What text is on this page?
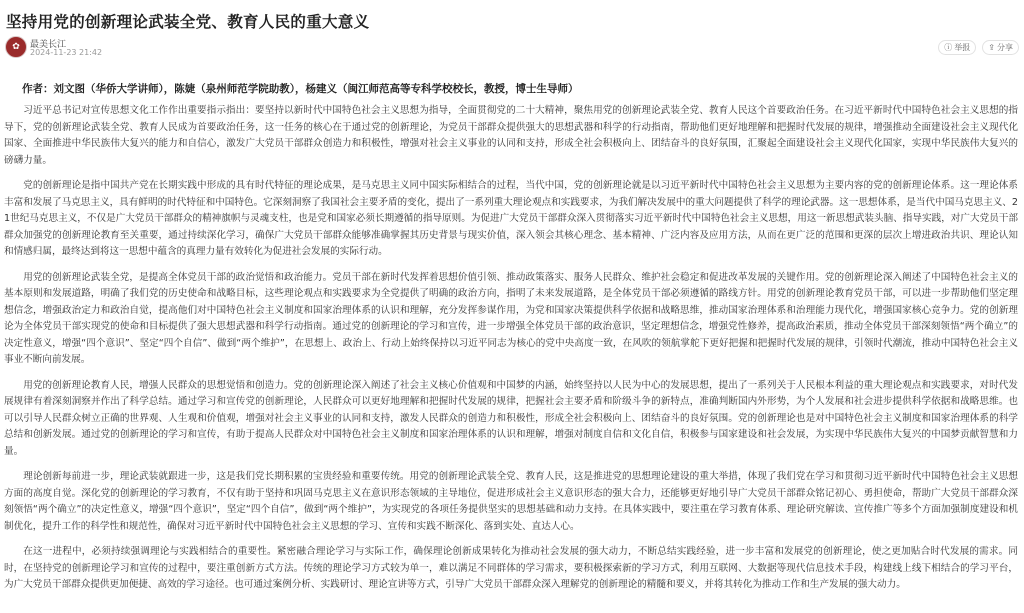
坚持用党的创新理论武装全党、教育人民的重大意义
✿ 最美长江
2024-11-23 21:42
ⓘ 举报 ⇪ 分享

作者：刘文图（华侨大学讲师），陈婕（泉州师范学院助教），杨建义（闽江师范高等专科学校校长，教授，博士生导师）

习近平总书记对宣传思想文化工作作出重要指示指出：要坚持以新时代中国特色社会主义思想为指导，全面贯彻党的二十大精神，聚焦用党的创新理论武装全党、教育人民这个首要政治任务。在习近平新时代中国特色社会主义思想的指导下，党的创新理论武装全党、教育人民成为首要政治任务，这一任务的核心在于通过党的创新理论，为党员干部群众提供强大的思想武器和科学的行动指南，帮助他们更好地理解和把握时代发展的规律，增强推动全面建设社会主义现代化国家、全面推进中华民族伟大复兴的能力和自信心，激发广大党员干部群众创造力和积极性，增强对社会主义事业的认同和支持，形成全社会积极向上、团结奋斗的良好氛围，汇聚起全面建设社会主义现代化国家，实现中华民族伟大复兴的磅礴力量。

党的创新理论是指中国共产党在长期实践中形成的具有时代特征的理论成果，是马克思主义同中国实际相结合的过程，当代中国，党的创新理论就是以习近平新时代中国特色社会主义思想为主要内容的党的创新理论体系。这一理论体系丰富和发展了马克思主义，具有鲜明的时代特征和中国特色。它深刻洞察了我国社会主要矛盾的变化，提出了一系列重大理论观点和实践要求，为我们解决发展中的重大问题提供了科学的理论武器。这一思想体系，是当代中国马克思主义、21世纪马克思主义，不仅是广大党员干部群众的精神旗帜与灵魂支柱，也是党和国家必须长期遵循的指导原则。为促进广大党员干部群众深入贯彻落实习近平新时代中国特色社会主义思想，用这一新思想武装头脑、指导实践，对广大党员干部群众加强党的创新理论教育至关重要，通过持续深化学习，确保广大党员干部群众能够准确掌握其历史背景与现实价值，深入领会其核心理念、基本精神、广泛内容及应用方法，从而在更广泛的范围和更深的层次上增进政治共识、理论认知和情感归属，最终达到将这一思想中蕴含的真理力量有效转化为促进社会发展的实际行动。

用党的创新理论武装全党，是提高全体党员干部的政治觉悟和政治能力。党员干部在新时代发挥着思想价值引领、推动政策落实、服务人民群众、维护社会稳定和促进改革发展的关键作用。党的创新理论深入阐述了中国特色社会主义的基本原则和发展道路，明确了我们党的历史使命和战略目标，这些理论观点和实践要求为全党提供了明确的政治方向，指明了未来发展道路，是全体党员干部必须遵循的路线方针。用党的创新理论教育党员干部，可以进一步帮助他们坚定理想信念，增强政治定力和政治自觉，提高他们对中国特色社会主义制度和国家治理体系的认识和理解，充分发挥参谋作用，为党和国家决策提供科学依据和战略思维，推动国家治理体系和治理能力现代化，增强国家核心竞争力。党的创新理论为全体党员干部实现党的使命和目标提供了强大思想武器和科学行动指南。通过党的创新理论的学习和宣传，进一步增强全体党员干部的政治意识，坚定理想信念，增强党性修养，提高政治素质，推动全体党员干部深刻领悟“两个确立”的决定性意义，增强“四个意识”、坚定“四个自信”、做到“两个维护”，在思想上、政治上、行动上始终保持以习近平同志为核心的党中央高度一致，在风吹的领航掌舵下更好把握和把握时代发展的规律，引领时代潮流，推动中国特色社会主义事业不断向前发展。

用党的创新理论教育人民，增强人民群众的思想觉悟和创造力。党的创新理论深入阐述了社会主义核心价值观和中国梦的内涵，始终坚持以人民为中心的发展思想，提出了一系列关于人民根本利益的重大理论观点和实践要求，对时代发展规律有着深刻洞察并作出了科学总结。通过学习和宣传党的创新理论，人民群众可以更好地理解和把握时代发展的规律，把握社会主要矛盾和阶级斗争的新特点，准确判断国内外形势，为个人发展和社会进步提供科学依据和战略思维。也可以引导人民群众树立正确的世界观、人生观和价值观，增强对社会主义事业的认同和支持，激发人民群众的创造力和积极性，形成全社会积极向上、团结奋斗的良好氛围。党的创新理论也是对中国特色社会主义制度和国家治理体系的科学总结和创新发展。通过党的创新理论的学习和宣传，有助于提高人民群众对中国特色社会主义制度和国家治理体系的认识和理解，增强对制度自信和文化自信，积极参与国家建设和社会发展，为实现中华民族伟大复兴的中国梦贡献智慧和力量。

理论创新每前进一步，理论武装就跟进一步，这是我们党长期积累的宝贵经验和重要传统。用党的创新理论武装全党、教育人民，这是推进党的思想理论建设的重大举措，体现了我们党在学习和贯彻习近平新时代中国特色社会主义思想方面的高度自觉。深化党的创新理论的学习教育，不仅有助于坚持和巩固马克思主义在意识形态领域的主导地位，促进形成社会主义意识形态的强大合力，还能够更好地引导广大党员干部群众铭记初心、勇担使命，帮助广大党员干部群众深刻领悟“两个确立”的决定性意义，增强“四个意识”，坚定“四个自信”，做到“两个维护”，为实现党的各项任务提供坚实的思想基础和动力支持。在具体实践中，要注重在学习教育体系、理论研究解读、宣传推广等多个方面加强制度建设和机制优化，提升工作的科学性和规范性，确保对习近平新时代中国特色社会主义思想的学习、宣传和实践不断深化、落到实处、直达人心。

在这一进程中，必须持续强调理论与实践相结合的重要性。紧密融合理论学习与实际工作，确保理论创新成果转化为推动社会发展的强大动力，不断总结实践经验，进一步丰富和发展党的创新理论，使之更加贴合时代发展的需求。同时，在坚持党的创新理论学习和宣传的过程中，要注重创新方式方法。传统的理论学习方式较为单一，难以满足不同群体的学习需求，要积极探索新的学习方式，利用互联网、大数据等现代信息技术手段，构建线上线下相结合的学习平台，为广大党员干部群众提供更加便捷、高效的学习途径。也可通过案例分析、实践研讨、理论宣讲等方式，引导广大党员干部群众深入理解党的创新理论的精髓和要义，并将其转化为推动工作和生产发展的强大动力。
